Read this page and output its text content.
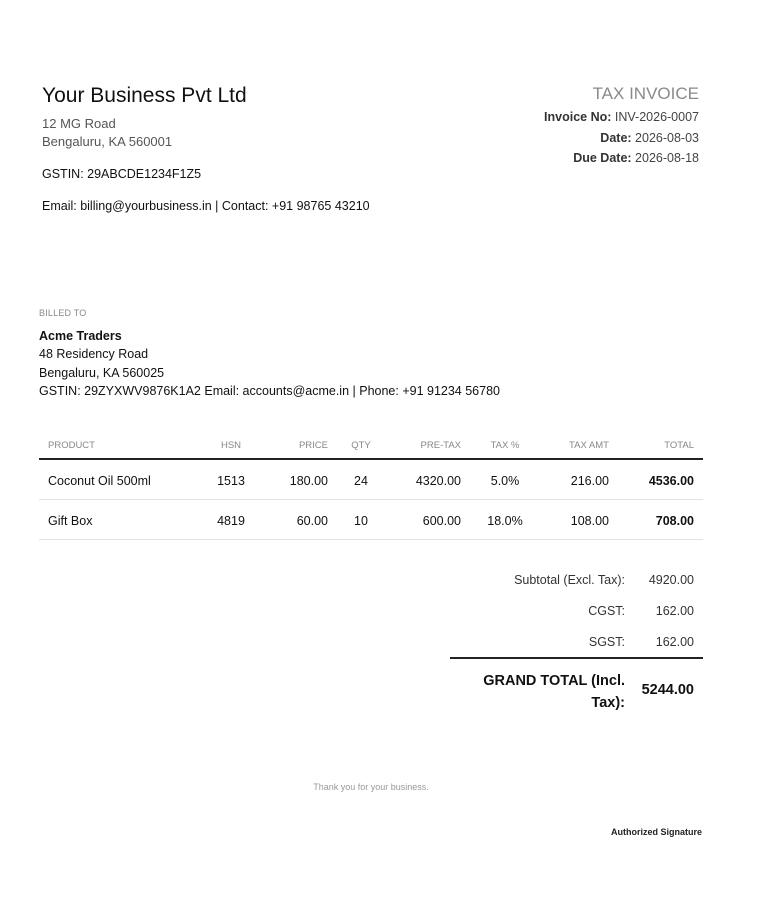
Your Business Pvt Ltd
12 MG Road
Bengaluru, KA 560001
GSTIN: 29ABCDE1234F1Z5
Email: billing@yourbusiness.in | Contact: +91 98765 43210
TAX INVOICE
Invoice No: INV-2026-0007
Date: 2026-08-03
Due Date: 2026-08-18
BILLED TO
Acme Traders
48 Residency Road
Bengaluru, KA 560025
GSTIN: 29ZYXWV9876K1A2 Email: accounts@acme.in | Phone: +91 91234 56780
PRODUCT	HSN	PRICE	QTY	PRE-TAX	TAX %	TAX AMT	TOTAL
Coconut Oil 500ml	1513	180.00	24	4320.00	5.0%	216.00	4536.00
Gift Box	4819	60.00	10	600.00	18.0%	108.00	708.00
Subtotal (Excl. Tax): 4920.00
CGST: 162.00
SGST: 162.00
GRAND TOTAL (Incl. Tax):
5244.00
Thank you for your business.
Authorized Signature
